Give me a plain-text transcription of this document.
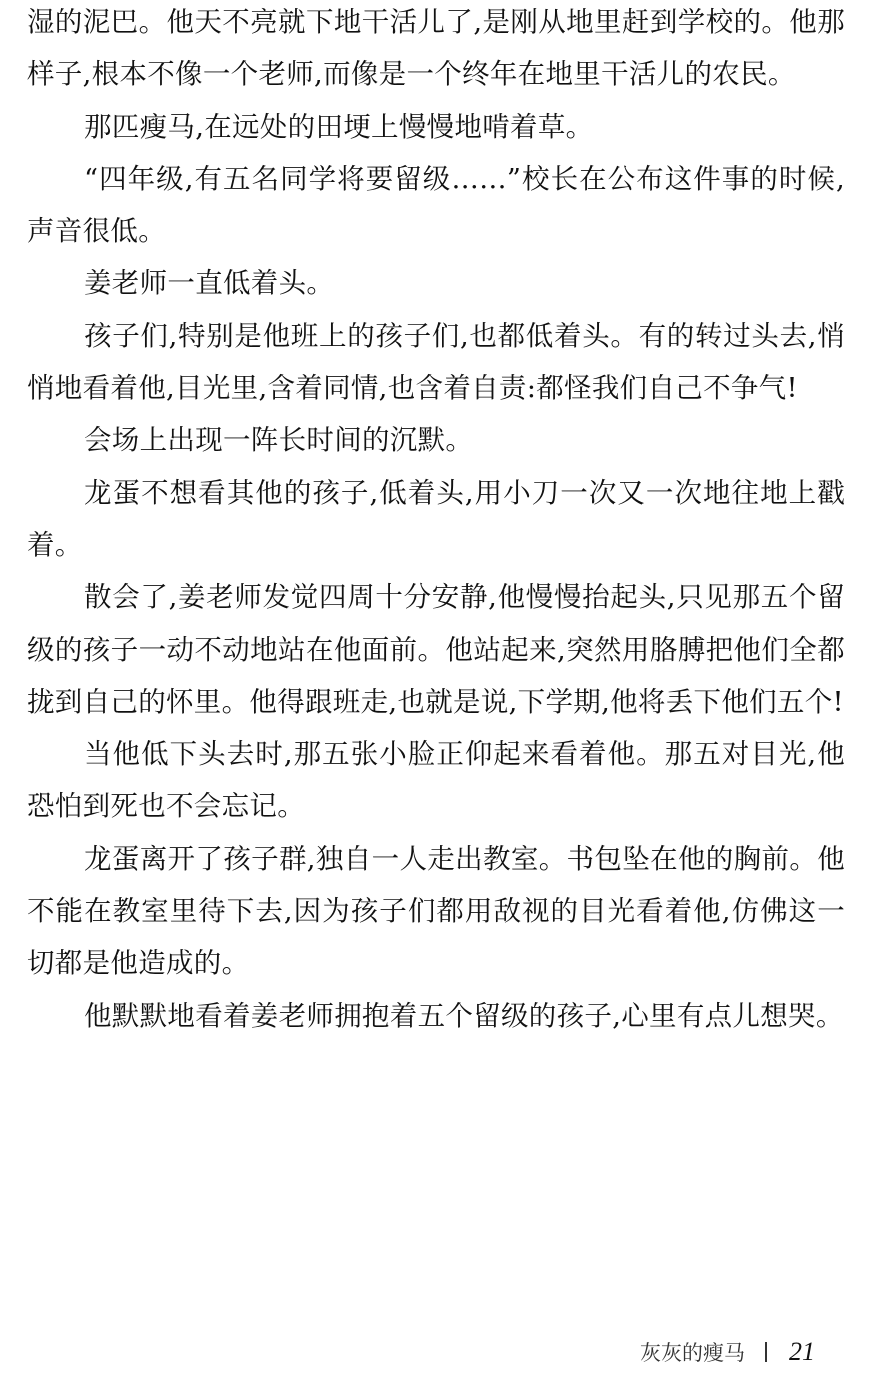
湿的泥巴。他天不亮就下地干活儿了,是刚从地里赶到学校的。他那样子,根本不像一个老师,而像是一个终年在地里干活儿的农民。

那匹瘦马,在远处的田埂上慢慢地啃着草。

“四年级,有五名同学将要留级……”校长在公布这件事的时候,声音很低。

姜老师一直低着头。

孩子们,特别是他班上的孩子们,也都低着头。有的转过头去,悄悄地看着他,目光里,含着同情,也含着自责:都怪我们自己不争气!

会场上出现一阵长时间的沉默。

龙蛋不想看其他的孩子,低着头,用小刀一次又一次地往地上戳着。

散会了,姜老师发觉四周十分安静,他慢慢抬起头,只见那五个留级的孩子一动不动地站在他面前。他站起来,突然用胳膊把他们全都拢到自己的怀里。他得跟班走,也就是说,下学期,他将丢下他们五个!

当他低下头去时,那五张小脸正仰起来看着他。那五对目光,他恐怕到死也不会忘记。

龙蛋离开了孩子群,独自一人走出教室。书包坠在他的胸前。他不能在教室里待下去,因为孩子们都用敌视的目光看着他,仿佛这一切都是他造成的。

他默默地看着姜老师拥抱着五个留级的孩子,心里有点儿想哭。

灰灰的瘦马 21
